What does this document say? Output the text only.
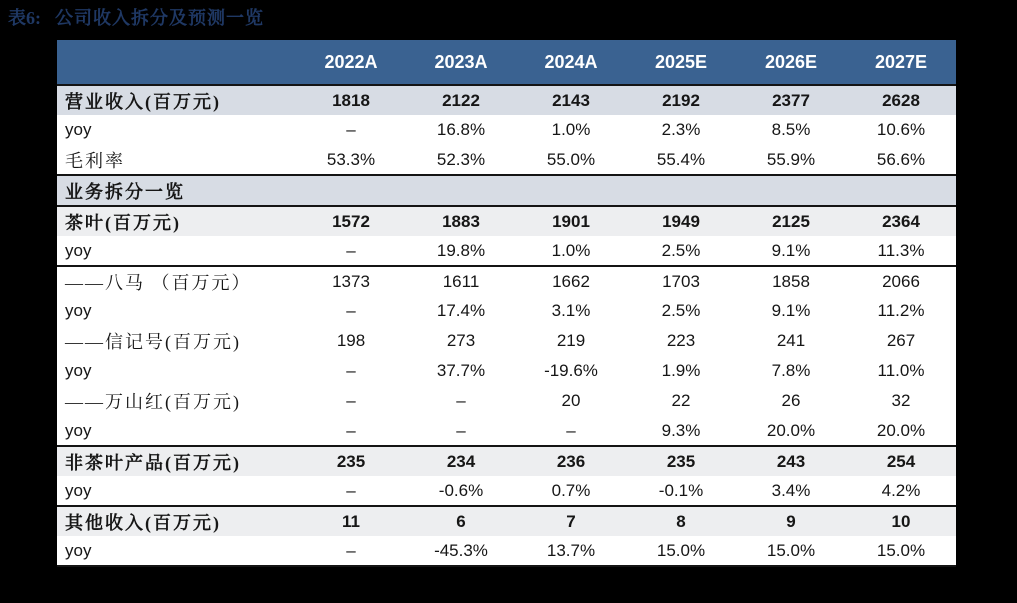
表6: 公司收入拆分及预测一览
	2022A	2023A	2024A	2025E	2026E	2027E
营业收入(百万元)	1818	2122	2143	2192	2377	2628
yoy	–	16.8%	1.0%	2.3%	8.5%	10.6%
毛利率	53.3%	52.3%	55.0%	55.4%	55.9%	56.6%
业务拆分一览						
茶叶(百万元)	1572	1883	1901	1949	2125	2364
yoy	–	19.8%	1.0%	2.5%	9.1%	11.3%
——八马 （百万元）	1373	1611	1662	1703	1858	2066
yoy	–	17.4%	3.1%	2.5%	9.1%	11.2%
——信记号(百万元)	198	273	219	223	241	267
yoy	–	37.7%	-19.6%	1.9%	7.8%	11.0%
——万山红(百万元)	–	–	20	22	26	32
yoy	–	–	–	9.3%	20.0%	20.0%
非茶叶产品(百万元)	235	234	236	235	243	254
yoy	–	-0.6%	0.7%	-0.1%	3.4%	4.2%
其他收入(百万元)	11	6	7	8	9	10
yoy	–	-45.3%	13.7%	15.0%	15.0%	15.0%
